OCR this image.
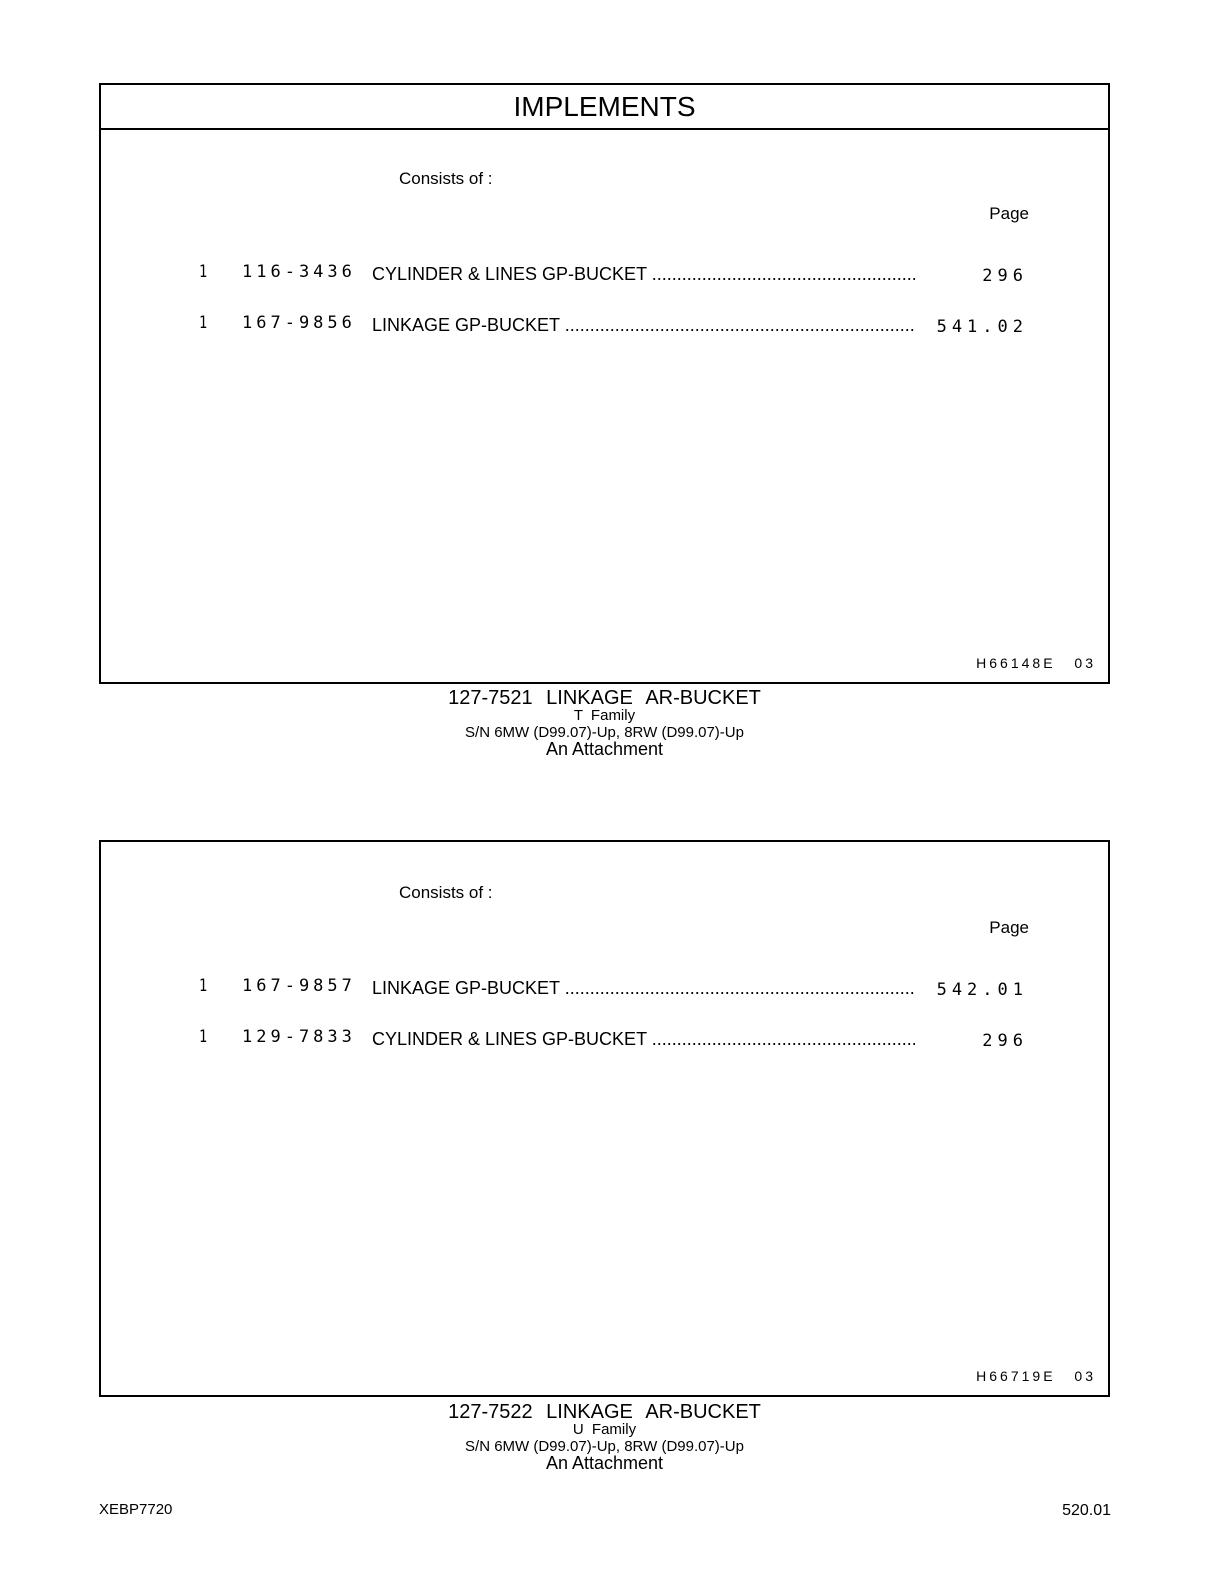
IMPLEMENTS
Consists of :
Page
1 116-3436 CYLINDER & LINES GP-BUCKET .....	296
1 167-9856 LINKAGE GP-BUCKET .....	541.02
H66148E 03
127-7521 LINKAGE AR-BUCKET
T Family
S/N 6MW (D99.07)-Up, 8RW (D99.07)-Up
An Attachment
Consists of :
Page
1 167-9857 LINKAGE GP-BUCKET .....	542.01
1 129-7833 CYLINDER & LINES GP-BUCKET .....	296
H66719E 03
127-7522 LINKAGE AR-BUCKET
U Family
S/N 6MW (D99.07)-Up, 8RW (D99.07)-Up
An Attachment
XEBP7720	520.01
